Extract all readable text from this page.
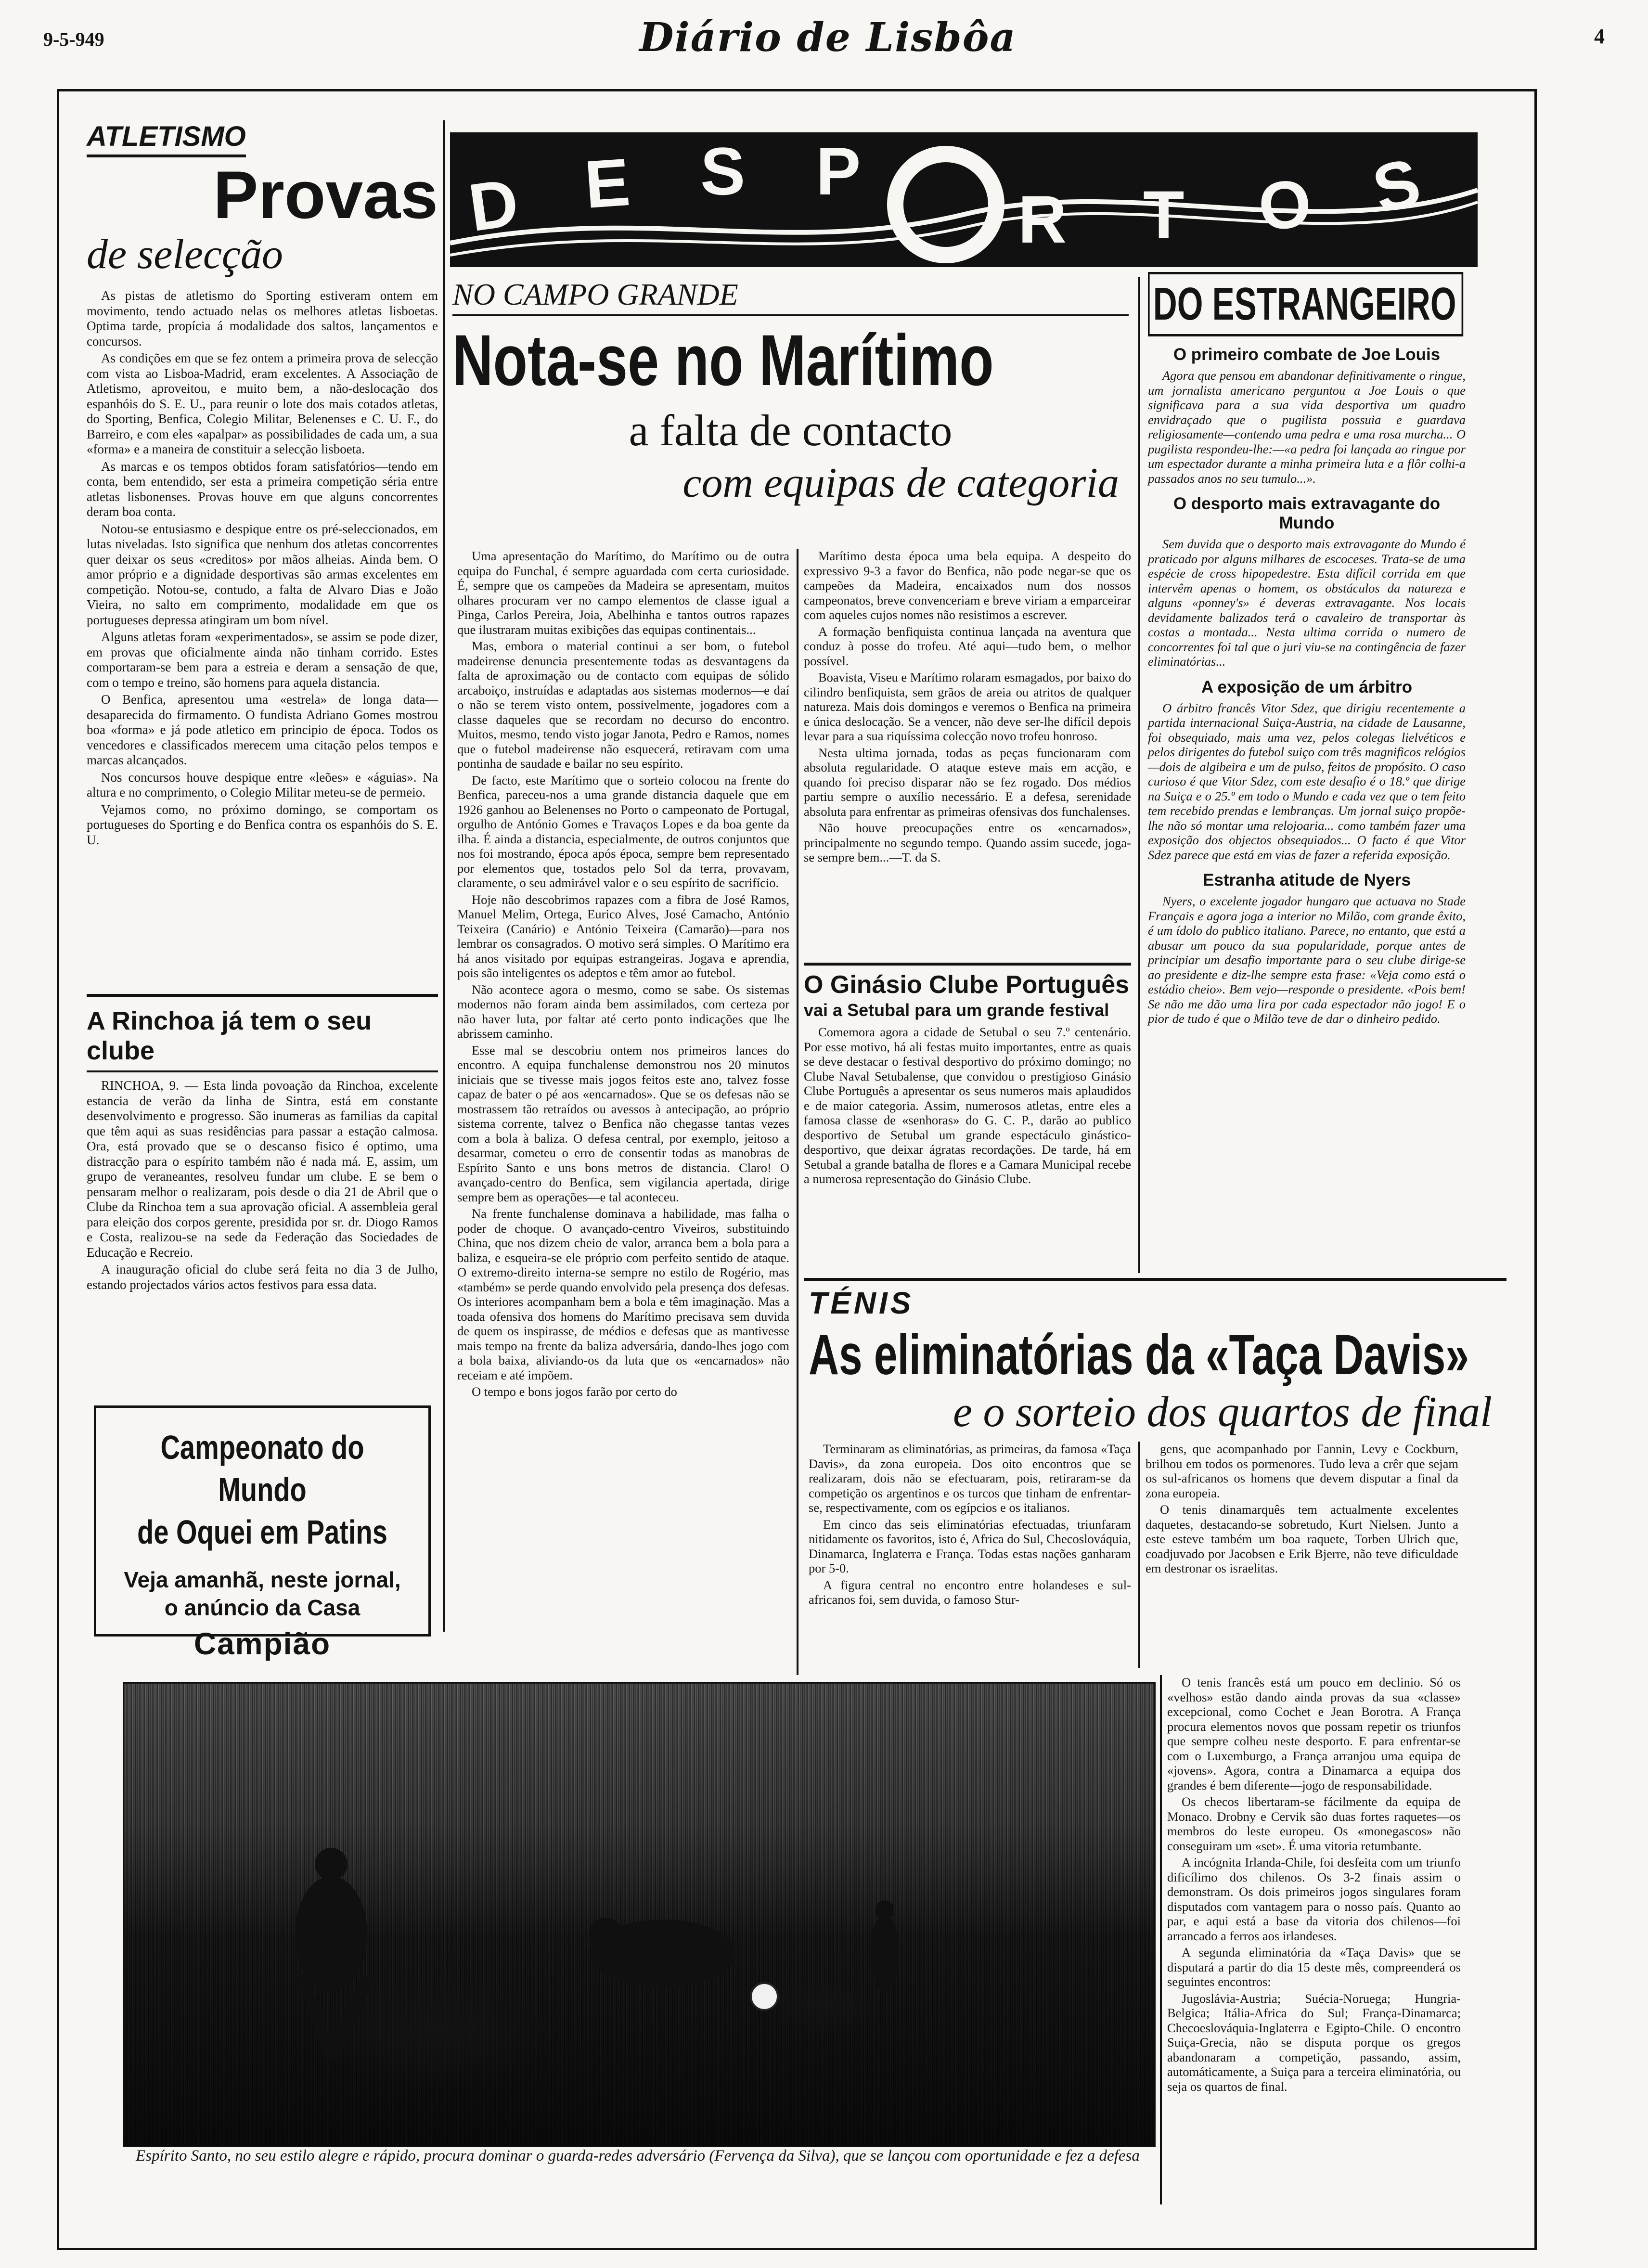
9-5-949	Diário de Lisbôa	4
ATLETISMO
Provas
de selecção

As pistas de atletismo do Sporting estiveram ontem em movimento, tendo actuado nelas os melhores atletas lisboetas. Optima tarde, propícia á modalidade dos saltos, lançamentos e concursos.

As condições em que se fez ontem a primeira prova de selecção com vista ao Lisboa-Madrid, eram excelentes. A Associação de Atletismo, aproveitou, e muito bem, a não-deslocação dos espanhóis do S. E. U., para reunir o lote dos mais cotados atletas, do Sporting, Benfica, Colegio Militar, Belenenses e C. U. F., do Barreiro, e com eles «apalpar» as possibilidades de cada um, a sua «forma» e a maneira de constituir a selecção lisboeta.

As marcas e os tempos obtidos foram satisfatórios—tendo em conta, bem entendido, ser esta a primeira competição séria entre atletas lisbonenses. Provas houve em que alguns concorrentes deram boa conta.

Notou-se entusiasmo e despique entre os pré-seleccionados, em lutas niveladas. Isto significa que nenhum dos atletas concorrentes quer deixar os seus «creditos» por mãos alheias. Ainda bem. O amor próprio e a dignidade desportivas são armas excelentes em competição. Notou-se, contudo, a falta de Alvaro Dias e João Vieira, no salto em comprimento, modalidade em que os portugueses depressa atingiram um bom nível.

Alguns atletas foram «experimentados», se assim se pode dizer, em provas que oficialmente ainda não tinham corrido. Estes comportaram-se bem para a estreia e deram a sensação de que, com o tempo e treino, são homens para aquela distancia.

O Benfica, apresentou uma «estrela» de longa data—desaparecida do firmamento. O fundista Adriano Gomes mostrou boa «forma» e já pode atletico em principio de época. Todos os vencedores e classificados merecem uma citação pelos tempos e marcas alcançados.

Nos concursos houve despique entre «leões» e «águias». Na altura e no comprimento, o Colegio Militar meteu-se de permeio.

Vejamos como, no próximo domingo, se comportam os portugueses do Sporting e do Benfica contra os espanhóis do S. E. U.

A Rinchoa já tem o seu clube

RINCHOA, 9. — Esta linda povoação da Rinchoa, excelente estancia de verão da linha de Sintra, está em constante desenvolvimento e progresso. São inumeras as familias da capital que têm aqui as suas residências para passar a estação calmosa. Ora, está provado que se o descanso fisico é optimo, uma distracção para o espírito também não é nada má. E, assim, um grupo de veraneantes, resolveu fundar um clube. E se bem o pensaram melhor o realizaram, pois desde o dia 21 de Abril que o Clube da Rinchoa tem a sua aprovação oficial. A assembleia geral para eleição dos corpos gerente, presidida por sr. dr. Diogo Ramos e Costa, realizou-se na sede da Federação das Sociedades de Educação e Recreio.

A inauguração oficial do clube será feita no dia 3 de Julho, estando projectados vários actos festivos para essa data.

Campeonato do Mundo
de Oquei em Patins
Veja amanhã, neste jornal, o anúncio da Casa
Campião
D E S P
R T O S
NO CAMPO GRANDE
Nota-se no Marítimo
a falta de contacto
com equipas de categoria

Uma apresentação do Marítimo, do Marítimo ou de outra equipa do Funchal, é sempre aguardada com certa curiosidade. É, sempre que os campeões da Madeira se apresentam, muitos olhares procuram ver no campo elementos de classe igual a Pinga, Carlos Pereira, Joia, Abelhinha e tantos outros rapazes que ilustraram muitas exibições das equipas continentais...

Mas, embora o material continui a ser bom, o futebol madeirense denuncia presentemente todas as desvantagens da falta de aproximação ou de contacto com equipas de sólido arcaboiço, instruídas e adaptadas aos sistemas modernos—e daí o não se terem visto ontem, possivelmente, jogadores com a classe daqueles que se recordam no decurso do encontro. Muitos, mesmo, tendo visto jogar Janota, Pedro e Ramos, nomes que o futebol madeirense não esquecerá, retiravam com uma pontinha de saudade e bailar no seu espírito.

De facto, este Marítimo que o sorteio colocou na frente do Benfica, pareceu-nos a uma grande distancia daquele que em 1926 ganhou ao Belenenses no Porto o campeonato de Portugal, orgulho de António Gomes e Travaços Lopes e da boa gente da ilha. É ainda a distancia, especialmente, de outros conjuntos que nos foi mostrando, época após época, sempre bem representado por elementos que, tostados pelo Sol da terra, provavam, claramente, o seu admirável valor e o seu espírito de sacrifício.

Hoje não descobrimos rapazes com a fibra de José Ramos, Manuel Melim, Ortega, Eurico Alves, José Camacho, António Teixeira (Canário) e António Teixeira (Camarão)—para nos lembrar os consagrados. O motivo será simples. O Marítimo era há anos visitado por equipas estrangeiras. Jogava e aprendia, pois são inteligentes os adeptos e têm amor ao futebol.

Não acontece agora o mesmo, como se sabe. Os sistemas modernos não foram ainda bem assimilados, com certeza por não haver luta, por faltar até certo ponto indicações que lhe abrissem caminho.

Esse mal se descobriu ontem nos primeiros lances do encontro. A equipa funchalense demonstrou nos 20 minutos iniciais que se tivesse mais jogos feitos este ano, talvez fosse capaz de bater o pé aos «encarnados». Que se os defesas não se mostrassem tão retraídos ou avessos à antecipação, ao próprio sistema corrente, talvez o Benfica não chegasse tantas vezes com a bola à baliza. O defesa central, por exemplo, jeitoso a desarmar, cometeu o erro de consentir todas as manobras de Espírito Santo e uns bons metros de distancia. Claro! O avançado-centro do Benfica, sem vigilancia apertada, dirige sempre bem as operações—e tal aconteceu.

Na frente funchalense dominava a habilidade, mas falha o poder de choque. O avançado-centro Viveiros, substituindo China, que nos dizem cheio de valor, arranca bem a bola para a baliza, e esqueira-se ele próprio com perfeito sentido de ataque. O extremo-direito interna-se sempre no estilo de Rogério, mas «também» se perde quando envolvido pela presença dos defesas. Os interiores acompanham bem a bola e têm imaginação. Mas a toada ofensiva dos homens do Marítimo precisava sem duvida de quem os inspirasse, de médios e defesas que as mantivesse mais tempo na frente da baliza adversária, dando-lhes jogo com a bola baixa, aliviando-os da luta que os «encarnados» não receiam e até impõem.

O tempo e bons jogos farão por certo do

Marítimo desta época uma bela equipa. A despeito do expressivo 9-3 a favor do Benfica, não pode negar-se que os campeões da Madeira, encaixados num dos nossos campeonatos, breve convenceriam e breve viriam a emparceirar com aqueles cujos nomes não resistimos a escrever.

A formação benfiquista continua lançada na aventura que conduz à posse do trofeu. Até aqui—tudo bem, o melhor possível.

Boavista, Viseu e Marítimo rolaram esmagados, por baixo do cilindro benfiquista, sem grãos de areia ou atritos de qualquer natureza. Mais dois domingos e veremos o Benfica na primeira e única deslocação. Se a vencer, não deve ser-lhe difícil depois levar para a sua riquíssima colecção novo trofeu honroso.

Nesta ultima jornada, todas as peças funcionaram com absoluta regularidade. O ataque esteve mais em acção, e quando foi preciso disparar não se fez rogado. Dos médios partiu sempre o auxílio necessário. E a defesa, serenidade absoluta para enfrentar as primeiras ofensivas dos funchalenses.

Não houve preocupações entre os «encarnados», principalmente no segundo tempo. Quando assim sucede, joga-se sempre bem...—T. da S.

O Ginásio Clube Português
vai a Setubal para um grande festival

Comemora agora a cidade de Setubal o seu 7.º centenário. Por esse motivo, há ali festas muito importantes, entre as quais se deve destacar o festival desportivo do próximo domingo; no Clube Naval Setubalense, que convidou o prestigioso Ginásio Clube Português a apresentar os seus numeros mais aplaudidos e de maior categoria. Assim, numerosos atletas, entre eles a famosa classe de «senhoras» do G. C. P., darão ao publico desportivo de Setubal um grande espectáculo ginástico-desportivo, que deixar ágratas recordações. De tarde, há em Setubal a grande batalha de flores e a Camara Municipal recebe a numerosa representação do Ginásio Clube.

DO ESTRANGEIRO
O primeiro combate de Joe Louis

Agora que pensou em abandonar definitivamente o ringue, um jornalista americano perguntou a Joe Louis o que significava para a sua vida desportiva um quadro envidraçado que o pugilista possuia e guardava religiosamente—contendo uma pedra e uma rosa murcha... O pugilista respondeu-lhe:—«a pedra foi lançada ao ringue por um espectador durante a minha primeira luta e a flôr colhi-a passados anos no seu tumulo...».

O desporto mais extravagante do Mundo

Sem duvida que o desporto mais extravagante do Mundo é praticado por alguns milhares de escoceses. Trata-se de uma espécie de cross hipopedestre. Esta difícil corrida em que intervêm apenas o homem, os obstáculos da natureza e alguns «ponney's» é deveras extravagante. Nos locais devidamente balizados terá o cavaleiro de transportar às costas a montada... Nesta ultima corrida o numero de concorrentes foi tal que o juri viu-se na contingência de fazer eliminatórias...

A exposição de um árbitro

O árbitro francês Vitor Sdez, que dirigiu recentemente a partida internacional Suiça-Austria, na cidade de Lausanne, foi obsequiado, mais uma vez, pelos colegas lielvéticos e pelos dirigentes do futebol suiço com três magnificos relógios—dois de algibeira e um de pulso, feitos de propósito. O caso curioso é que Vitor Sdez, com este desafio é o 18.º que dirige na Suiça e o 25.º em todo o Mundo e cada vez que o tem feito tem recebido prendas e lembranças. Um jornal suiço propõe-lhe não só montar uma relojoaria... como também fazer uma exposição dos objectos obsequiados... O facto é que Vitor Sdez parece que está em vias de fazer a referida exposição.

Estranha atitude de Nyers

Nyers, o excelente jogador hungaro que actuava no Stade Français e agora joga a interior no Milão, com grande êxito, é um ídolo do publico italiano. Parece, no entanto, que está a abusar um pouco da sua popularidade, porque antes de principiar um desafio importante para o seu clube dirige-se ao presidente e diz-lhe sempre esta frase: «Veja como está o estádio cheio». Bem vejo—responde o presidente. «Pois bem! Se não me dão uma lira por cada espectador não jogo! E o pior de tudo é que o Milão teve de dar o dinheiro pedido.

TÉNIS
As eliminatórias da «Taça Davis»
e o sorteio dos quartos de final

Terminaram as eliminatórias, as primeiras, da famosa «Taça Davis», da zona europeia. Dos oito encontros que se realizaram, dois não se efectuaram, pois, retiraram-se da competição os argentinos e os turcos que tinham de enfrentar-se, respectivamente, com os egípcios e os italianos.

Em cinco das seis eliminatórias efectuadas, triunfaram nitidamente os favoritos, isto é, Africa do Sul, Checoslováquia, Dinamarca, Inglaterra e França. Todas estas nações ganharam por 5-0.

A figura central no encontro entre holandeses e sul-africanos foi, sem duvida, o famoso Stur-

gens, que acompanhado por Fannin, Levy e Cockburn, brilhou em todos os pormenores. Tudo leva a crêr que sejam os sul-africanos os homens que devem disputar a final da zona europeia.

O tenis dinamarquês tem actualmente excelentes daquetes, destacando-se sobretudo, Kurt Nielsen. Junto a este esteve também um boa raquete, Torben Ulrich que, coadjuvado por Jacobsen e Erik Bjerre, não teve dificuldade em destronar os israelitas.

O tenis francês está um pouco em declinio. Só os «velhos» estão dando ainda provas da sua «classe» excepcional, como Cochet e Jean Borotra. A França procura elementos novos que possam repetir os triunfos que sempre colheu neste desporto. E para enfrentar-se com o Luxemburgo, a França arranjou uma equipa de «jovens». Agora, contra a Dinamarca a equipa dos grandes é bem diferente—jogo de responsabilidade.

Os checos libertaram-se fácilmente da equipa de Monaco. Drobny e Cervik são duas fortes raquetes—os membros do leste europeu. Os «monegascos» não conseguiram um «set». É uma vitoria retumbante.

A incógnita Irlanda-Chile, foi desfeita com um triunfo dificílimo dos chilenos. Os 3-2 finais assim o demonstram. Os dois primeiros jogos singulares foram disputados com vantagem para o nosso país. Quanto ao par, e aqui está a base da vitoria dos chilenos—foi arrancado a ferros aos irlandeses.

A segunda eliminatória da «Taça Davis» que se disputará a partir do dia 15 deste mês, compreenderá os seguintes encontros:

Jugoslávia-Austria; Suécia-Noruega; Hungria-Belgica; Itália-Africa do Sul; França-Dinamarca; Checoeslováquia-Inglaterra e Egipto-Chile. O encontro Suiça-Grecia, não se disputa porque os gregos abandonaram a competição, passando, assim, automáticamente, a Suiça para a terceira eliminatória, ou seja os quartos de final.

Espírito Santo, no seu estilo alegre e rápido, procura dominar o guarda-redes adversário (Fervença da Silva), que se lançou com oportunidade e fez a defesa
